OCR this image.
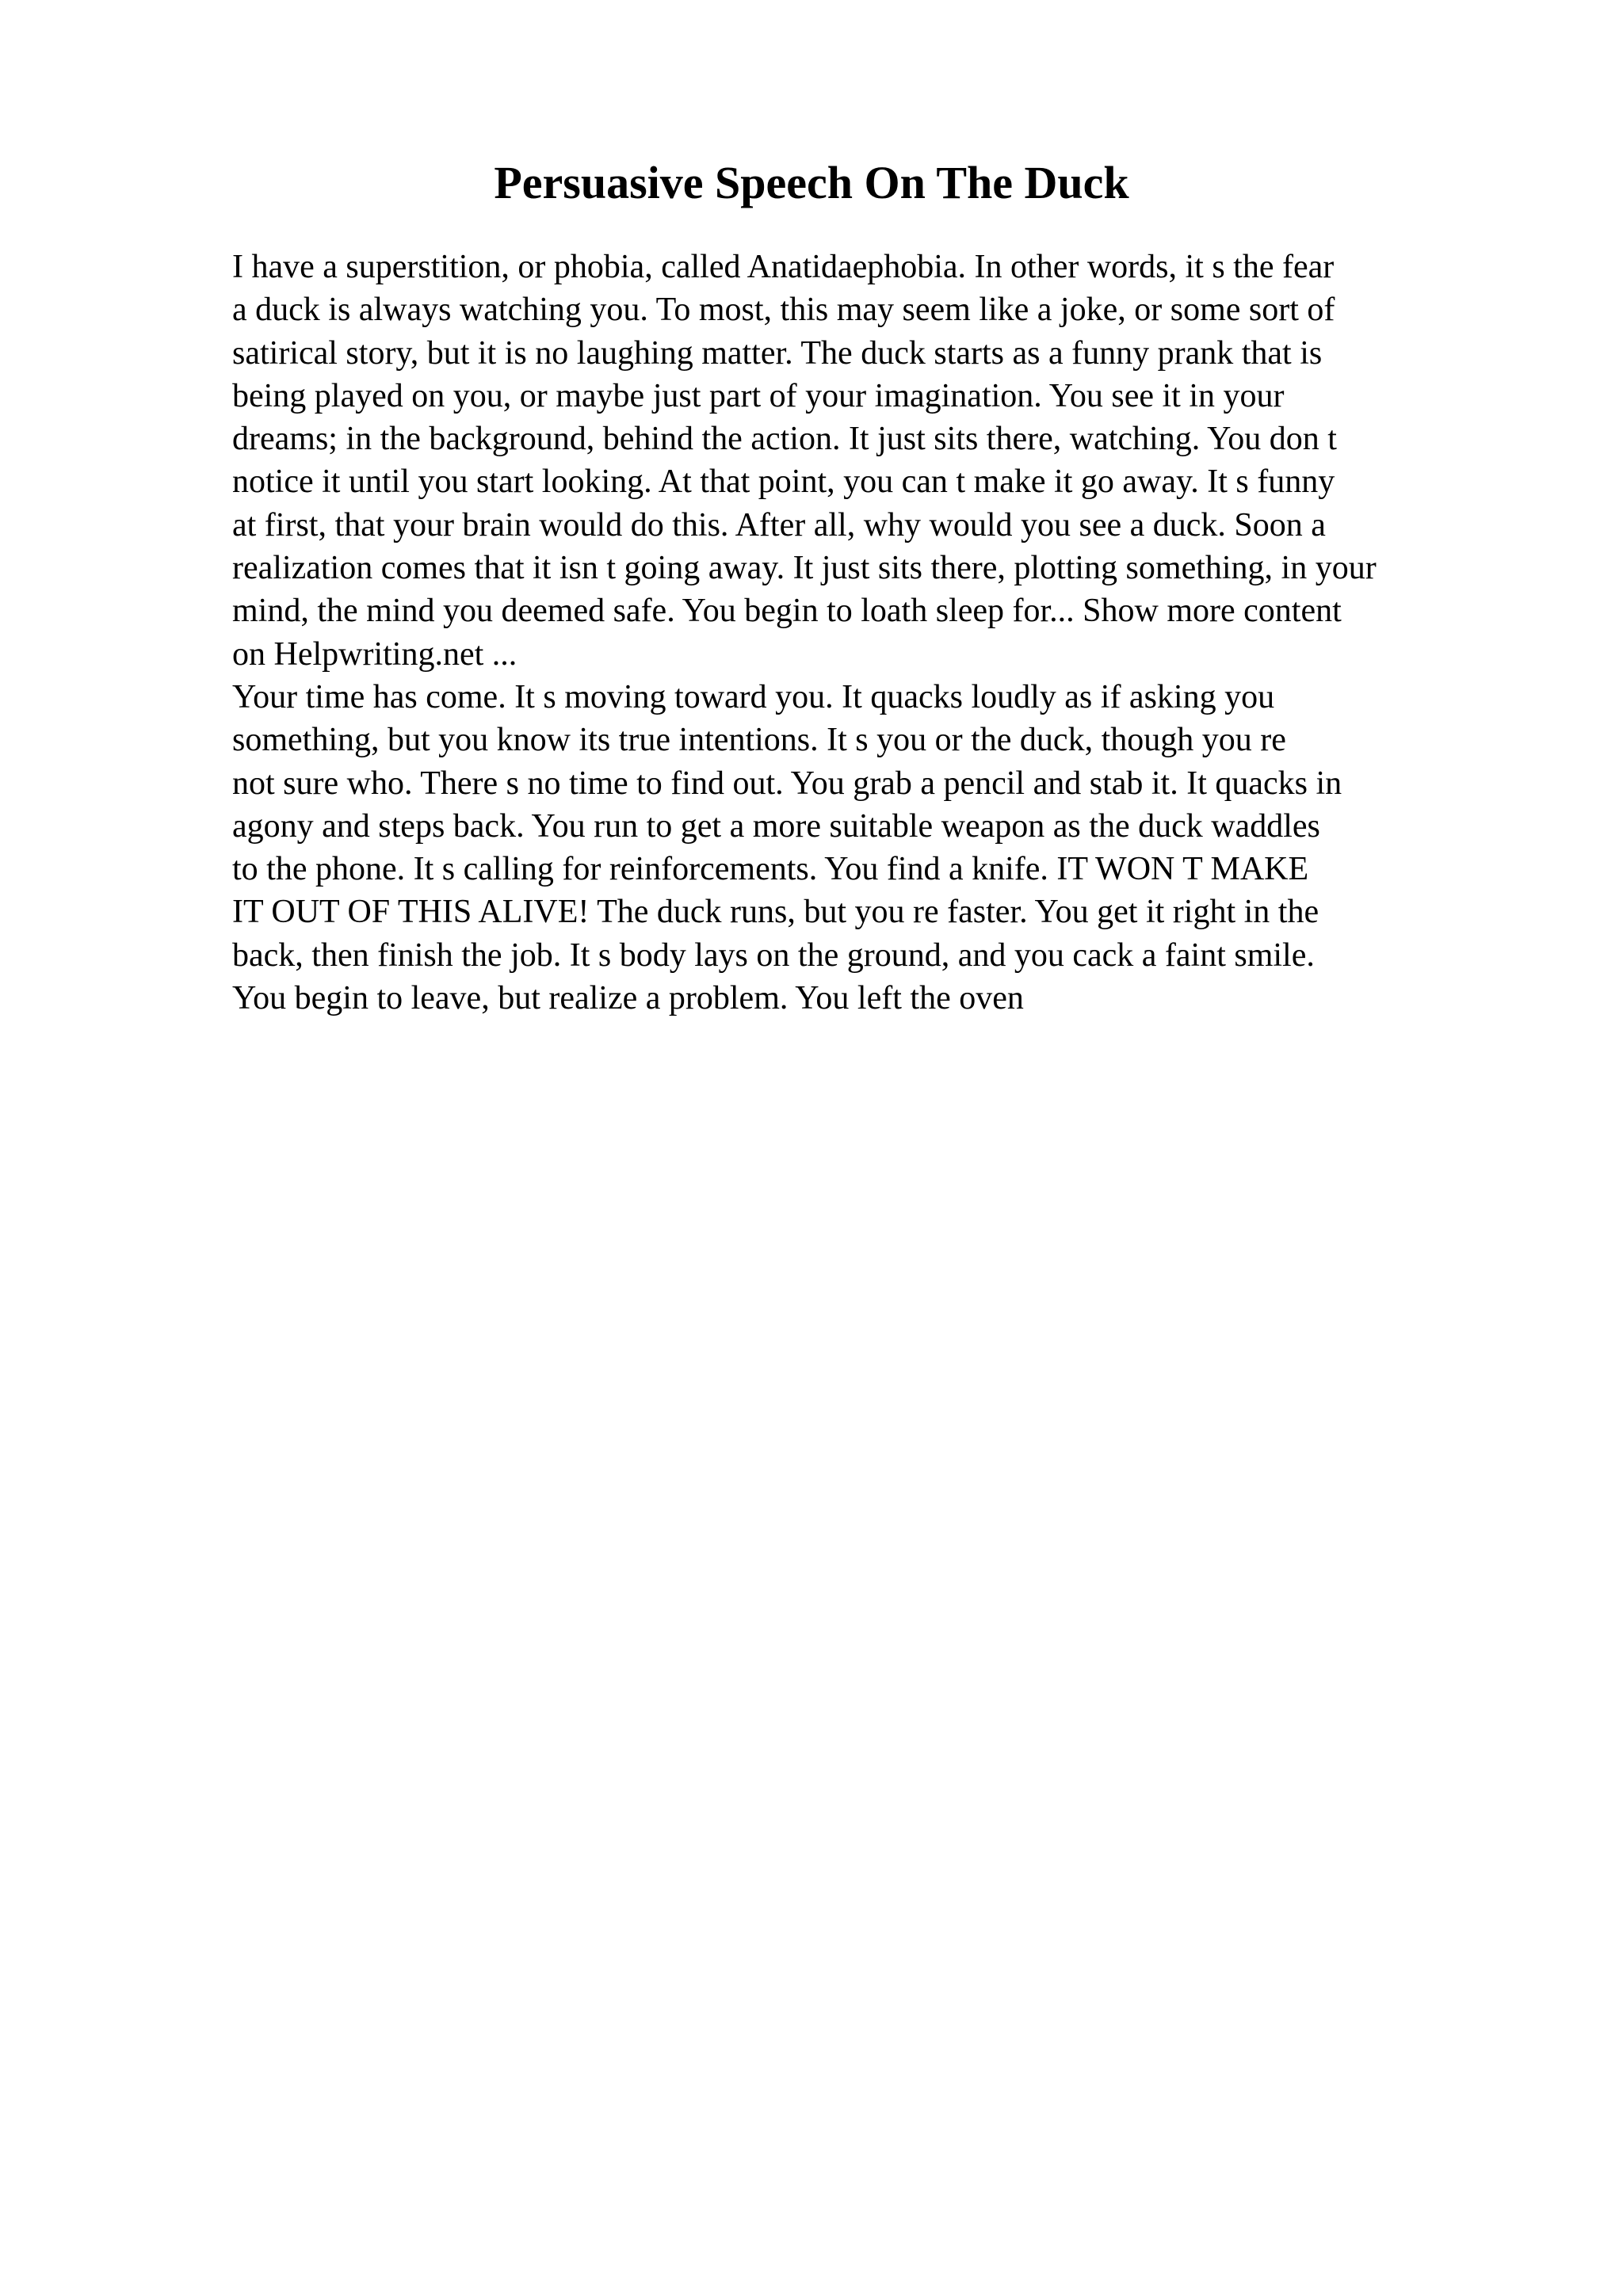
Persuasive Speech On The Duck
I have a superstition, or phobia, called Anatidaephobia. In other words, it s the fear
a duck is always watching you. To most, this may seem like a joke, or some sort of
satirical story, but it is no laughing matter. The duck starts as a funny prank that is
being played on you, or maybe just part of your imagination. You see it in your
dreams; in the background, behind the action. It just sits there, watching. You don t
notice it until you start looking. At that point, you can t make it go away. It s funny
at first, that your brain would do this. After all, why would you see a duck. Soon a
realization comes that it isn t going away. It just sits there, plotting something, in your
mind, the mind you deemed safe. You begin to loath sleep for... Show more content
on Helpwriting.net ...
Your time has come. It s moving toward you. It quacks loudly as if asking you
something, but you know its true intentions. It s you or the duck, though you re
not sure who. There s no time to find out. You grab a pencil and stab it. It quacks in
agony and steps back. You run to get a more suitable weapon as the duck waddles
to the phone. It s calling for reinforcements. You find a knife. IT WON T MAKE
IT OUT OF THIS ALIVE! The duck runs, but you re faster. You get it right in the
back, then finish the job. It s body lays on the ground, and you cack a faint smile.
You begin to leave, but realize a problem. You left the oven
